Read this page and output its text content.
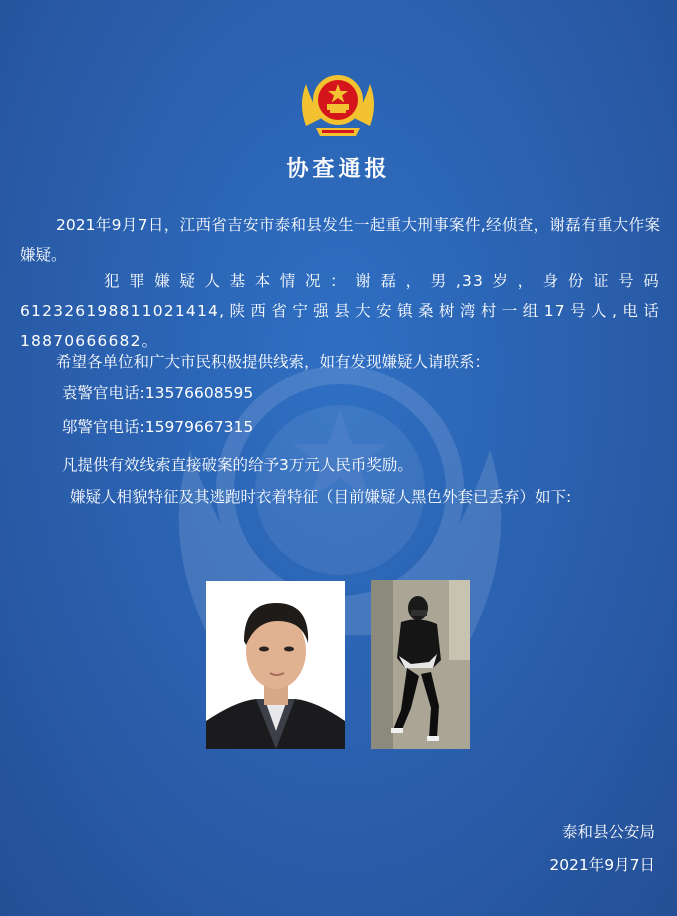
协查通报

2021年9月7日，江西省吉安市泰和县发生一起重大刑事案件,经侦查，谢磊有重大作案嫌疑。

犯罪嫌疑人基本情况：谢磊，男,33岁，身份证号码612326198811021414,陕西省宁强县大安镇桑树湾村一组17号人,电话18870666682。

希望各单位和广大市民积极提供线索，如有发现嫌疑人请联系：

袁警官电话:13576608595
邬警官电话:15979667315
凡提供有效线索直接破案的给予3万元人民币奖励。

嫌疑人相貌特征及其逃跑时衣着特征（目前嫌疑人黑色外套已丢弃）如下:

泰和县公安局
2021年9月7日
